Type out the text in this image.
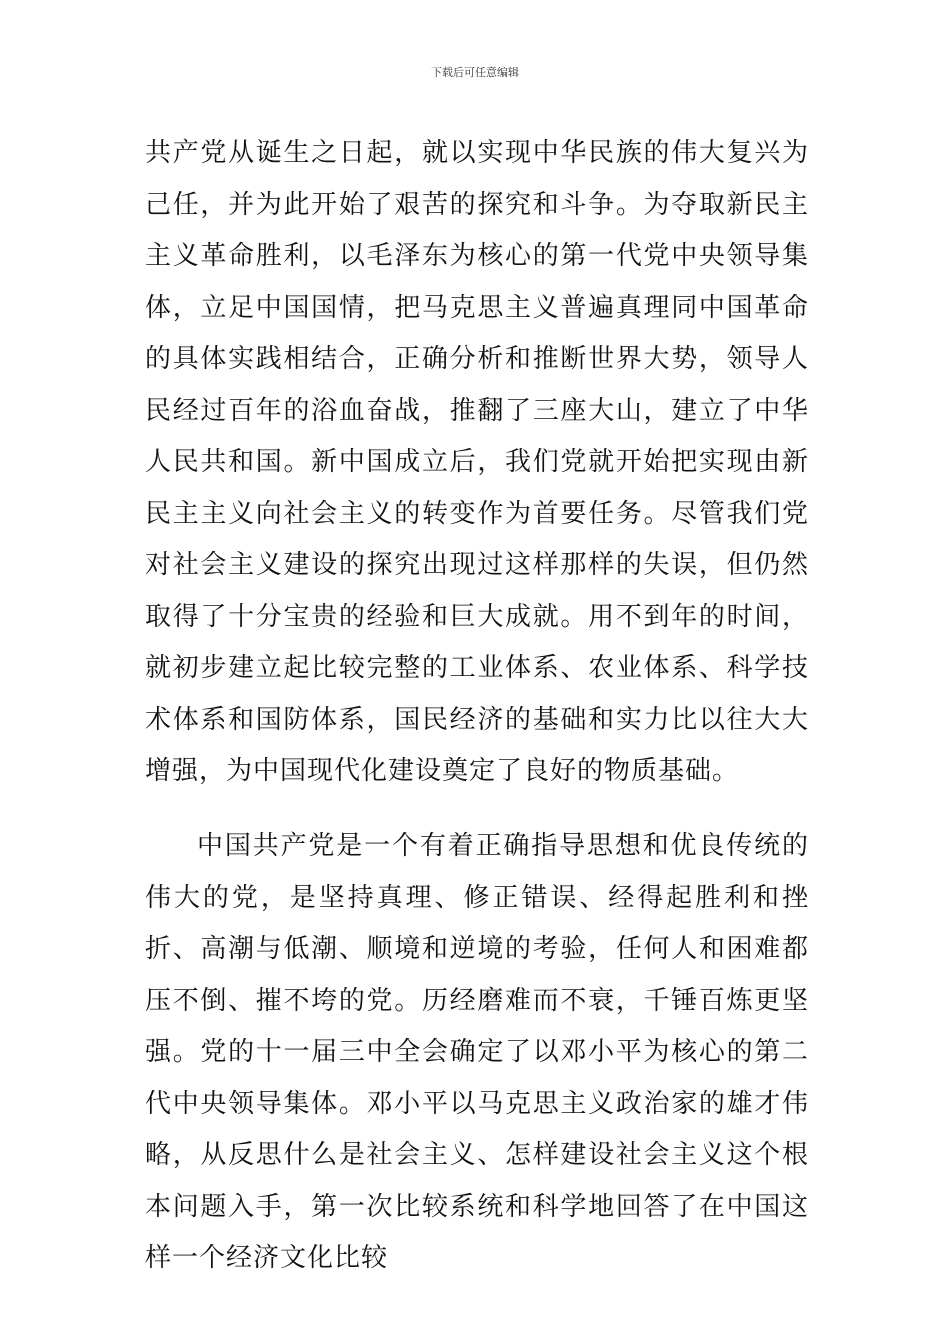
下载后可任意编辑

共产党从诞生之日起，就以实现中华民族的伟大复兴为己任，并为此开始了艰苦的探究和斗争。为夺取新民主主义革命胜利，以毛泽东为核心的第一代党中央领导集体，立足中国国情，把马克思主义普遍真理同中国革命的具体实践相结合，正确分析和推断世界大势，领导人民经过百年的浴血奋战，推翻了三座大山，建立了中华人民共和国。新中国成立后，我们党就开始把实现由新民主主义向社会主义的转变作为首要任务。尽管我们党对社会主义建设的探究出现过这样那样的失误，但仍然取得了十分宝贵的经验和巨大成就。用不到年的时间，就初步建立起比较完整的工业体系、农业体系、科学技术体系和国防体系，国民经济的基础和实力比以往大大增强，为中国现代化建设奠定了良好的物质基础。

中国共产党是一个有着正确指导思想和优良传统的伟大的党，是坚持真理、修正错误、经得起胜利和挫折、高潮与低潮、顺境和逆境的考验，任何人和困难都压不倒、摧不垮的党。历经磨难而不衰，千锤百炼更坚强。党的十一届三中全会确定了以邓小平为核心的第二代中央领导集体。邓小平以马克思主义政治家的雄才伟略，从反思什么是社会主义、怎样建设社会主义这个根本问题入手，第一次比较系统和科学地回答了在中国这样一个经济文化比较
